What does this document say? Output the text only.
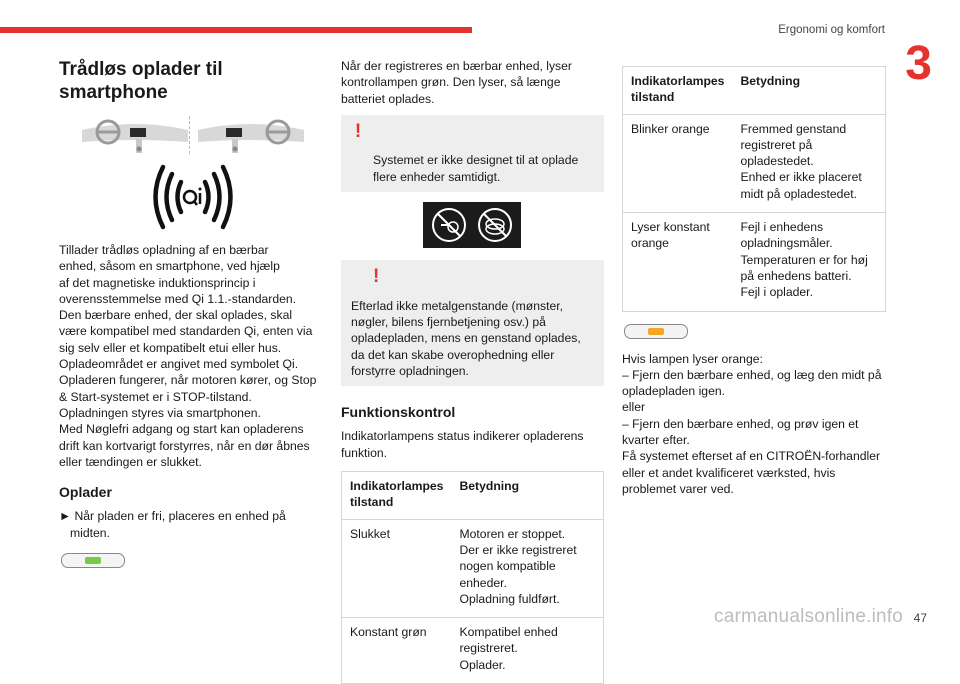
Ergonomi og komfort
3
Trådløs oplader til smartphone

Tillader trådløs opladning af en bærbar
enhed, såsom en smartphone, ved hjælp
af det magnetiske induktionsprincip i
overensstemmelse med Qi 1.1.-standarden.
Den bærbare enhed, der skal oplades, skal være kompatibel med standarden Qi, enten via sig selv eller et kompatibelt etui eller hus.
Opladeområdet er angivet med symbolet Qi.
Opladeren fungerer, når motoren kører, og Stop & Start-systemet er i STOP-tilstand.
Opladningen styres via smartphonen.
Med Nøglefri adgang og start kan opladerens drift kan kortvarigt forstyrres, når en dør åbnes eller tændingen er slukket.

Oplader

► Når pladen er fri, placeres en enhed på midten.

Når der registreres en bærbar enhed, lyser kontrollampen grøn. Den lyser, så længe batteriet oplades.

!

Systemet er ikke designet til at oplade
flere enheder samtidigt.

!

Efterlad ikke metalgenstande (mønster, nøgler, bilens fjernbetjening osv.) på opladepladen, mens en genstand oplades, da det kan skabe overophedning eller forstyrre opladningen.

Funktionskontrol

Indikatorlampens status indikerer opladerens funktion.

Indikatorlampes tilstand	Betydning
Slukket	Motoren er stoppet.
Der er ikke registreret nogen kompatible enheder.
Opladning fuldført.
Konstant grøn	Kompatibel enhed registreret.
Oplader.
Indikatorlampes tilstand	Betydning
Blinker orange	Fremmed genstand registreret på opladestedet.
Enhed er ikke placeret midt på opladestedet.
Lyser konstant orange	Fejl i enhedens opladningsmåler.
Temperaturen er for høj på enhedens batteri.
Fejl i oplader.

Hvis lampen lyser orange:
– Fjern den bærbare enhed, og læg den midt på opladepladen igen.
eller
– Fjern den bærbare enhed, og prøv igen et kvarter efter.
Få systemet efterset af en CITROËN-forhandler eller et andet kvalificeret værksted, hvis problemet varer ved.

carmanualsonline.info 47
